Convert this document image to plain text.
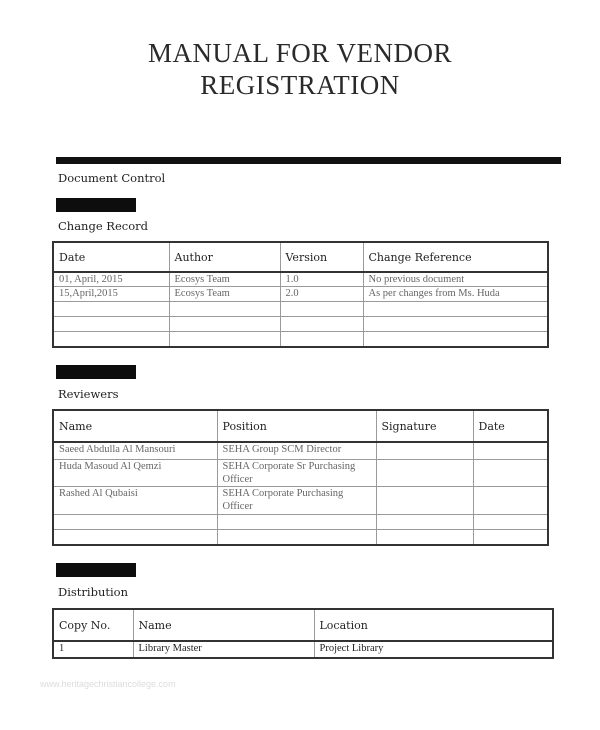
MANUAL FOR VENDOR
REGISTRATION
Document Control
Change Record
Date	Author	Version	Change Reference
01, April, 2015	Ecosys Team	1.0	No previous document
15,April,2015	Ecosys Team	2.0	As per changes from Ms. Huda

Reviewers
Name	Position	Signature	Date
Saeed Abdulla Al Mansouri	SEHA Group SCM Director		
Huda Masoud Al Qemzi	SEHA Corporate Sr Purchasing Officer		
Rashed Al Qubaisi	SEHA Corporate Purchasing Officer		

Distribution
Copy No.	Name	Location
1	Library Master	Project Library
www.heritagechristiancollege.com
